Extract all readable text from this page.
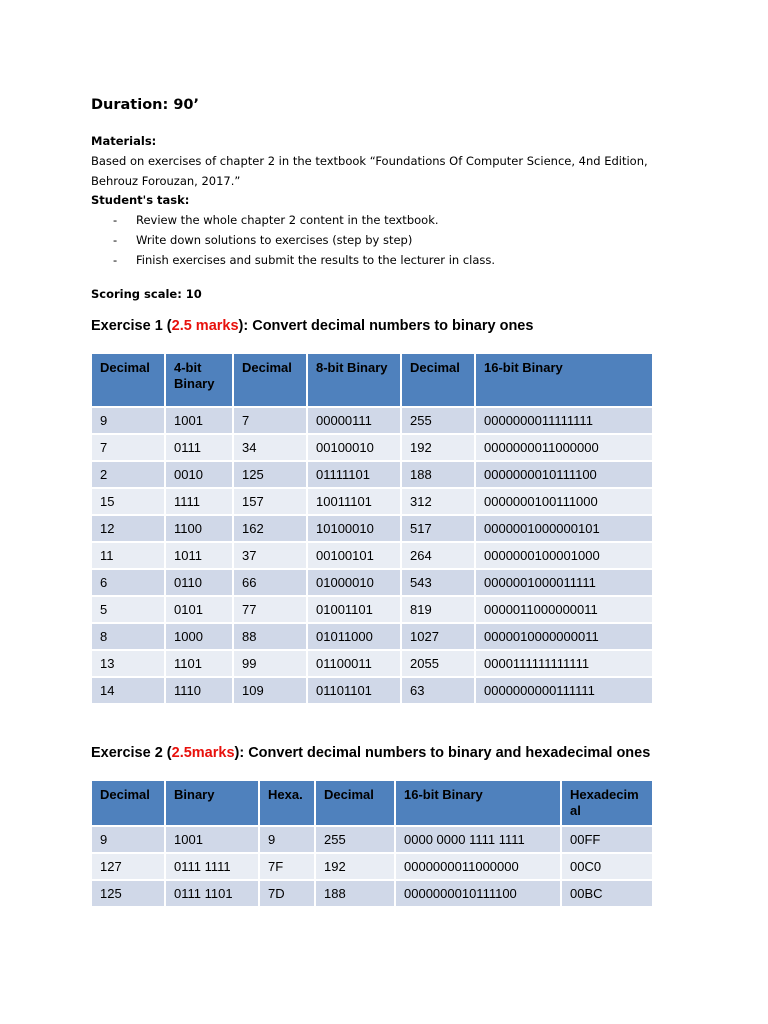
Duration: 90’
Materials:
Based on exercises of chapter 2 in the textbook “Foundations Of Computer Science, 4nd Edition,
Behrouz Forouzan, 2017.”
Student's task:
- Review the whole chapter 2 content in the textbook.
- Write down solutions to exercises (step by step)
- Finish exercises and submit the results to the lecturer in class.
Scoring scale: 10
Exercise 1 (2.5 marks): Convert decimal numbers to binary ones
Decimal	4-bit Binary	Decimal	8-bit Binary	Decimal	16-bit Binary
9	1001	7	00000111	255	0000000011111111
7	0111	34	00100010	192	0000000011000000
2	0010	125	01111101	188	0000000010111100
15	1111	157	10011101	312	0000000100111000
12	1100	162	10100010	517	0000001000000101
11	1011	37	00100101	264	0000000100001000
6	0110	66	01000010	543	0000001000011111
5	0101	77	01001101	819	0000011000000011
8	1000	88	01011000	1027	0000010000000011
13	1101	99	01100011	2055	0000111111111111
14	1110	109	01101101	63	0000000000111111
Exercise 2 (2.5marks): Convert decimal numbers to binary and hexadecimal ones
Decimal	Binary	Hexa.	Decimal	16-bit Binary	Hexadecim al
9	1001	9	255	0000 0000 1111 1111	00FF
127	0111 1111	7F	192	0000000011000000	00C0
125	0111 1101	7D	188	0000000010111100	00BC
